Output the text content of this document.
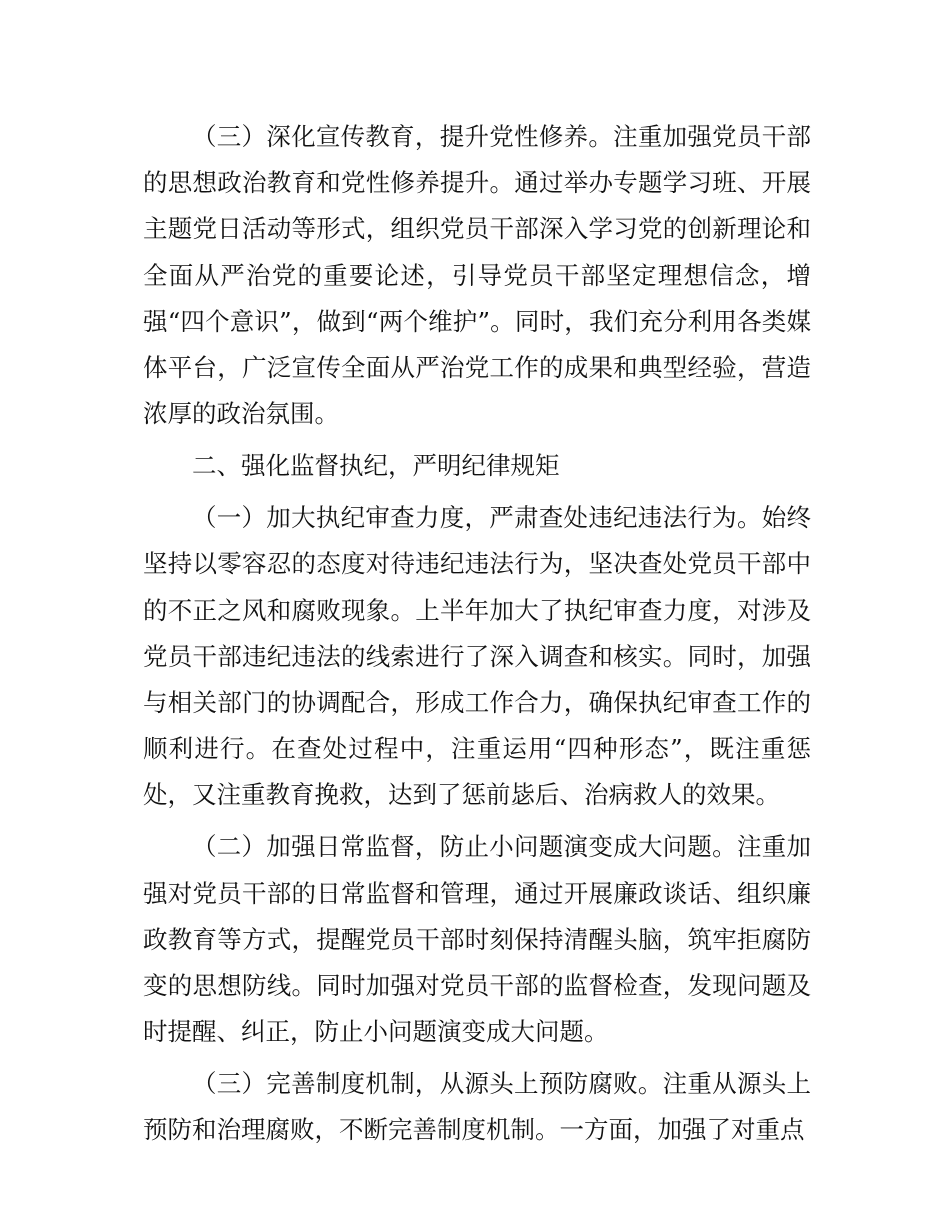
（三）深化宣传教育，提升党性修养。注重加强党员干部的思想政治教育和党性修养提升。通过举办专题学习班、开展主题党日活动等形式，组织党员干部深入学习党的创新理论和全面从严治党的重要论述，引导党员干部坚定理想信念，增强“四个意识”，做到“两个维护”。同时，我们充分利用各类媒体平台，广泛宣传全面从严治党工作的成果和典型经验，营造浓厚的政治氛围。

二、强化监督执纪，严明纪律规矩

（一）加大执纪审查力度，严肃查处违纪违法行为。始终坚持以零容忍的态度对待违纪违法行为，坚决查处党员干部中的不正之风和腐败现象。上半年加大了执纪审查力度，对涉及党员干部违纪违法的线索进行了深入调查和核实。同时，加强与相关部门的协调配合，形成工作合力，确保执纪审查工作的顺利进行。在查处过程中，注重运用“四种形态”，既注重惩处，又注重教育挽救，达到了惩前毖后、治病救人的效果。

（二）加强日常监督，防止小问题演变成大问题。注重加强对党员干部的日常监督和管理，通过开展廉政谈话、组织廉政教育等方式，提醒党员干部时刻保持清醒头脑，筑牢拒腐防变的思想防线。同时加强对党员干部的监督检查，发现问题及时提醒、纠正，防止小问题演变成大问题。

（三）完善制度机制，从源头上预防腐败。注重从源头上预防和治理腐败，不断完善制度机制。一方面，加强了对重点
